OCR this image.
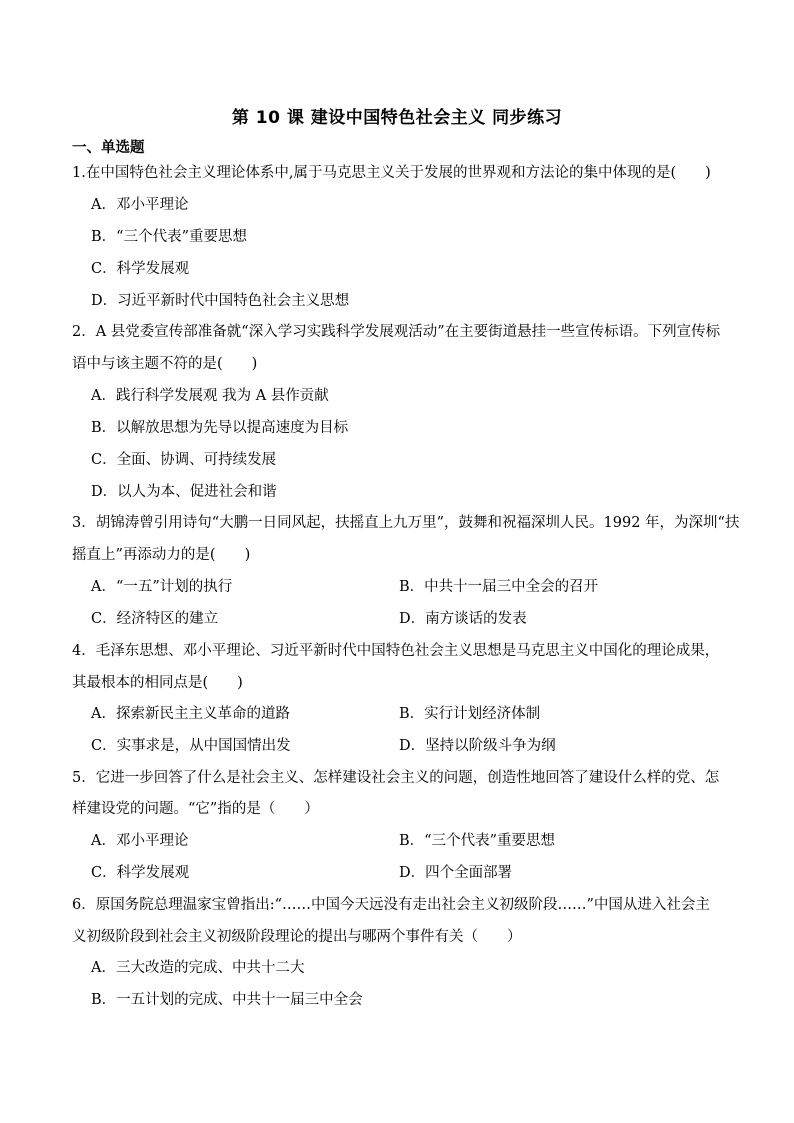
第 10 课 建设中国特色社会主义 同步练习
一、单选题
1.在中国特色社会主义理论体系中,属于马克思主义关于发展的世界观和方法论的集中体现的是(　　)
A．邓小平理论
B．“三个代表”重要思想
C．科学发展观
D．习近平新时代中国特色社会主义思想
2．A 县党委宣传部准备就“深入学习实践科学发展观活动”在主要街道悬挂一些宣传标语。下列宣传标
语中与该主题不符的是(　　)
A．践行科学发展观 我为 A 县作贡献
B．以解放思想为先导以提高速度为目标
C．全面、协调、可持续发展
D．以人为本、促进社会和谐
3．胡锦涛曾引用诗句“大鹏一日同风起，扶摇直上九万里”，鼓舞和祝福深圳人民。1992 年，为深圳“扶
摇直上”再添动力的是(　　)
A．“一五”计划的执行	B．中共十一届三中全会的召开
C．经济特区的建立	D．南方谈话的发表
4．毛泽东思想、邓小平理论、习近平新时代中国特色社会主义思想是马克思主义中国化的理论成果，
其最根本的相同点是(　　)
A．探索新民主主义革命的道路	B．实行计划经济体制
C．实事求是，从中国国情出发	D．坚持以阶级斗争为纲
5．它进一步回答了什么是社会主义、怎样建设社会主义的问题，创造性地回答了建设什么样的党、怎
样建设党的问题。“它”指的是（　　）
A．邓小平理论	B．“三个代表”重要思想
C．科学发展观	D．四个全面部署
6．原国务院总理温家宝曾指出:“……中国今天远没有走出社会主义初级阶段……”中国从进入社会主
义初级阶段到社会主义初级阶段理论的提出与哪两个事件有关（　　）
A．三大改造的完成、中共十二大
B．一五计划的完成、中共十一届三中全会
